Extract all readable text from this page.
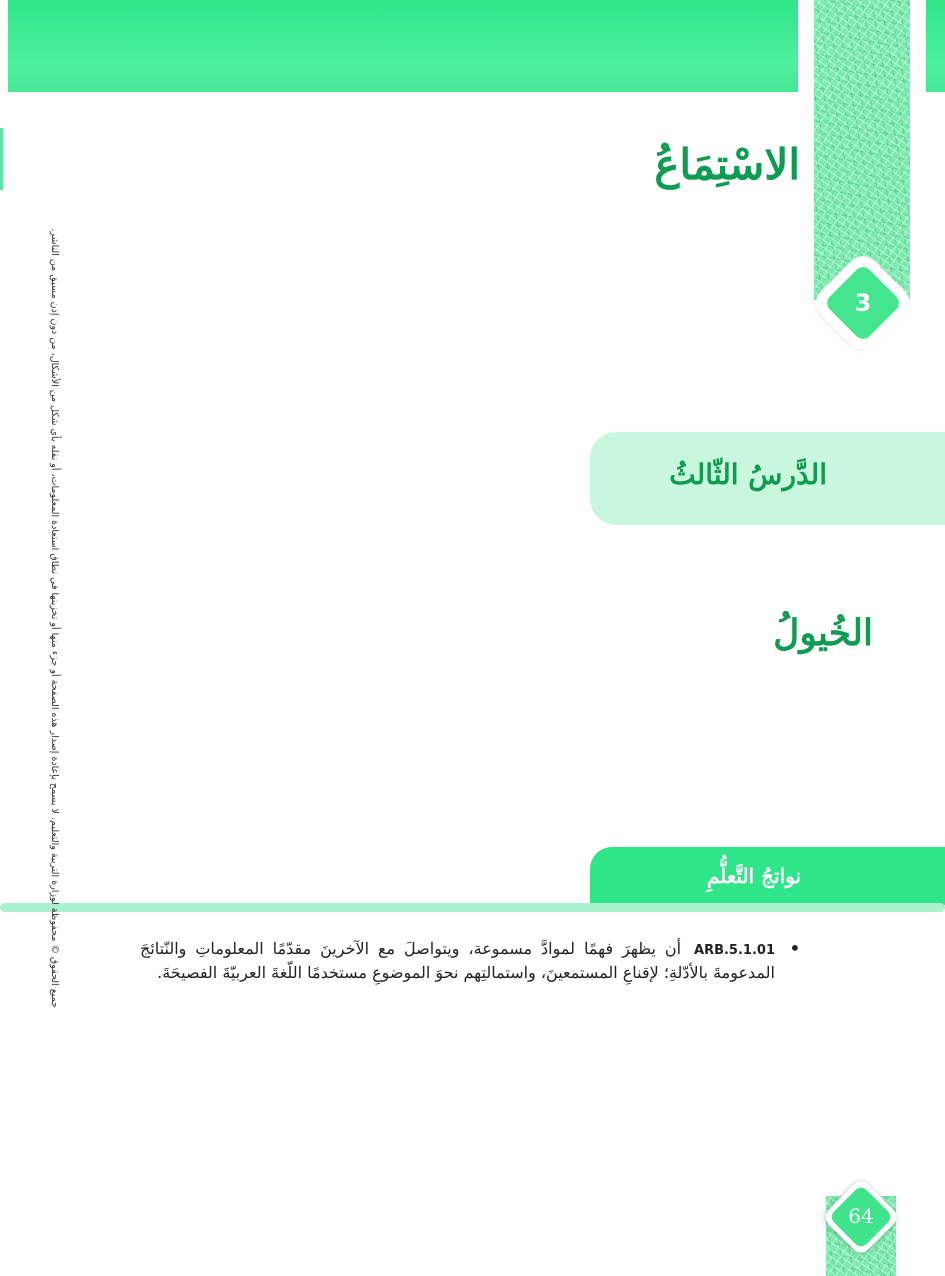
3
الاسْتِمَاعُ
الدَّرسُ الثّالثُ
الخُيولُ
نواتجُ التَّعلُّمِ
•
ARB.5.1.01 أن يظهرَ فهمًا لموادَّ مسموعة، ويتواصلَ مع الآخرينَ مقدّمًا المعلوماتِ والنّتائجَ المدعومةَ بالأدّلةِ؛ لإقناعِ المستمعينَ، واستمالتِهم نحوَ الموضوعِ مستخدمًا اللّغةَ العربيّةَ الفصيحَةَ.
جميع الحقوق © محفوظة لوزارة التربية والتعليم. لا يسمح بإعادة إصدار هذه الصفحة أو جزء منها أو تخزينها في نطاق استعادة المعلومات، أو نقله بأي شكل من الأشكال، من دون إذن مسبق من الناشر.
64
